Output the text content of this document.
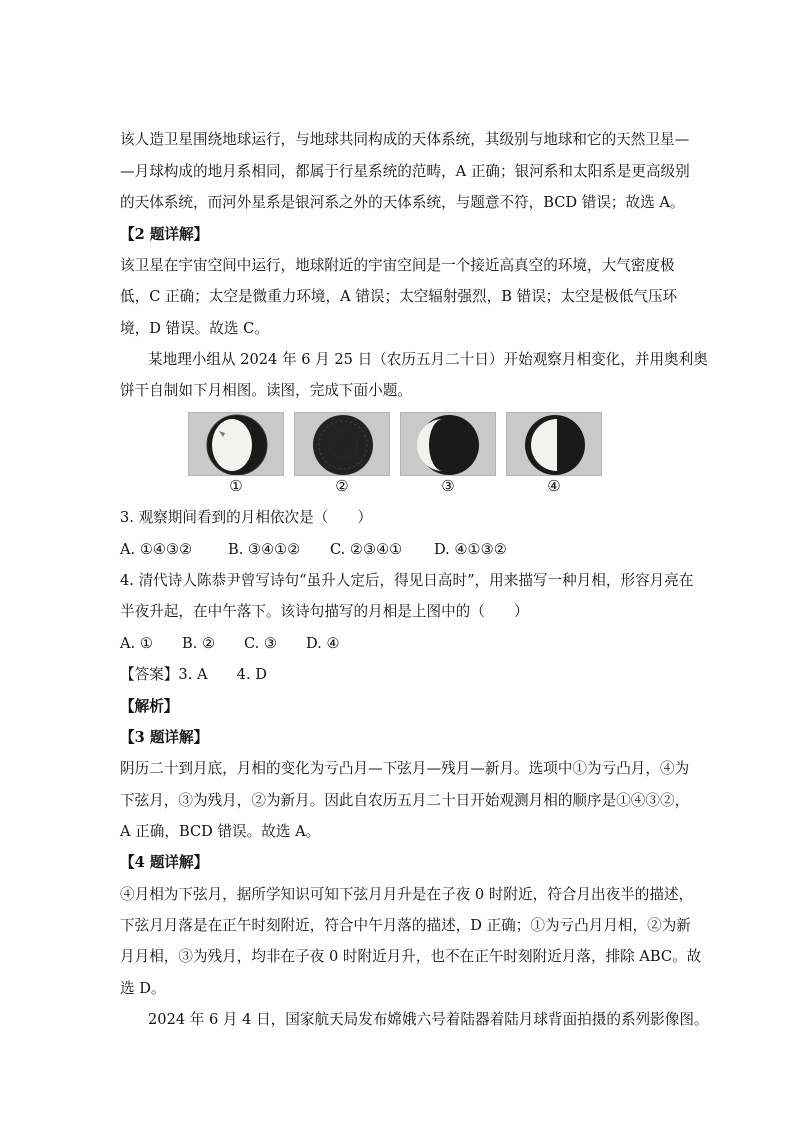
该人造卫星围绕地球运行，与地球共同构成的天体系统，其级别与地球和它的天然卫星—
—月球构成的地月系相同，都属于行星系统的范畴，A 正确；银河系和太阳系是更高级别
的天体系统，而河外星系是银河系之外的天体系统，与题意不符，BCD 错误；故选 A。
【2 题详解】
该卫星在宇宙空间中运行，地球附近的宇宙空间是一个接近高真空的环境，大气密度极
低，C 正确；太空是微重力环境，A 错误；太空辐射强烈，B 错误；太空是极低气压环
境，D 错误。故选 C。
某地理小组从 2024 年 6 月 25 日（农历五月二十日）开始观察月相变化，并用奥利奥
饼干自制如下月相图。读图，完成下面小题。
①	②	③	④
3. 观察期间看到的月相依次是（　　）
A. ①④③② B. ③④①② C. ②③④① D. ④①③②
4. 清代诗人陈恭尹曾写诗句“虽升人定后，得见日高时”，用来描写一种月相，形容月亮在
半夜升起，在中午落下。该诗句描写的月相是上图中的（　　）
A. ① B. ② C. ③ D. ④
【答案】3. A　　4. D
【解析】
【3 题详解】
阴历二十到月底，月相的变化为亏凸月—下弦月—残月—新月。选项中①为亏凸月，④为
下弦月，③为残月，②为新月。因此自农历五月二十日开始观测月相的顺序是①④③②，
A 正确，BCD 错误。故选 A。
【4 题详解】
④月相为下弦月，据所学知识可知下弦月月升是在子夜 0 时附近，符合月出夜半的描述，
下弦月月落是在正午时刻附近，符合中午月落的描述，D 正确；①为亏凸月月相，②为新
月月相，③为残月，均非在子夜 0 时附近月升，也不在正午时刻附近月落，排除 ABC。故
选 D。
2024 年 6 月 4 日，国家航天局发布嫦娥六号着陆器着陆月球背面拍摄的系列影像图。
